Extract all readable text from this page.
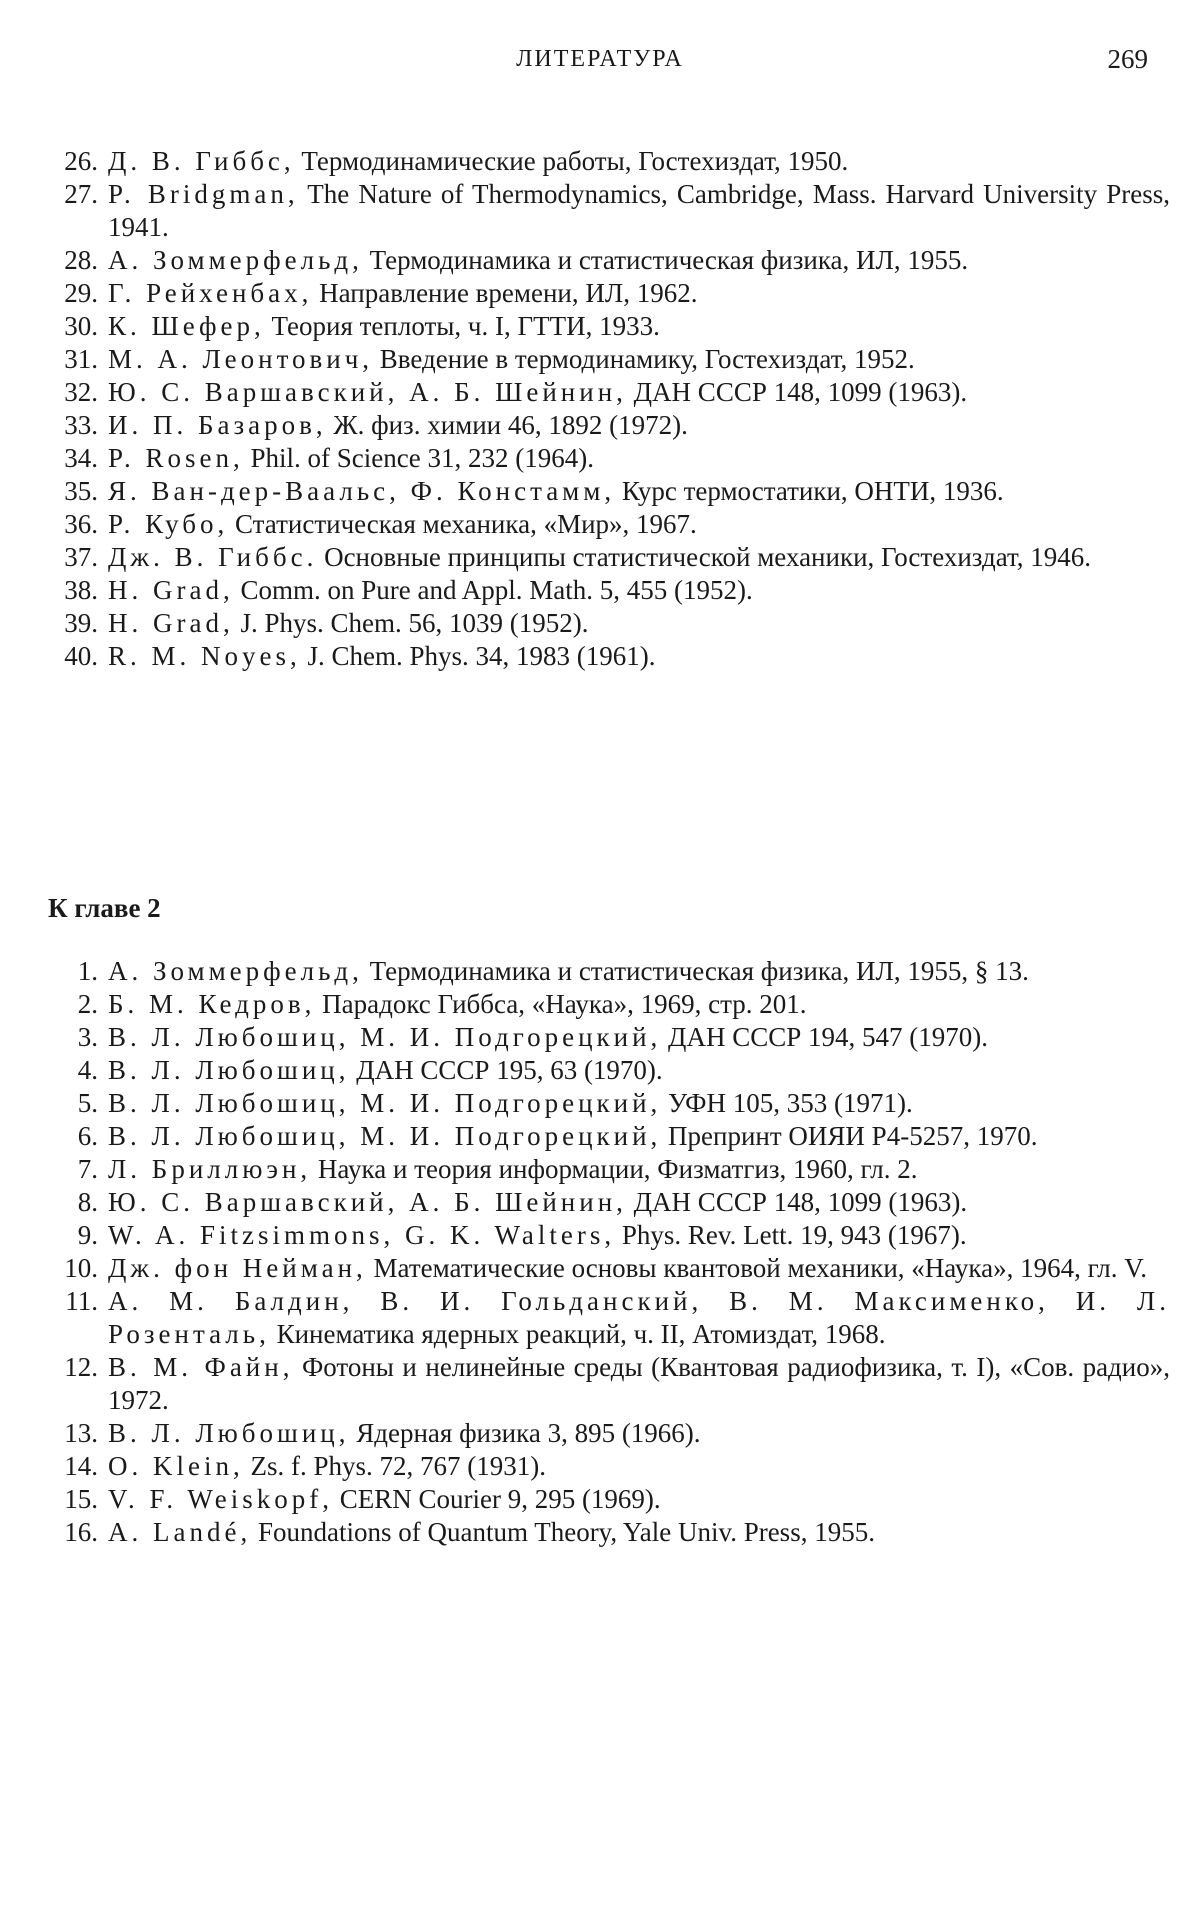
ЛИТЕРАТУРА	269
26. Д. В. Гиббс, Термодинамические работы, Гостехиздат, 1950.
27. P. Bridgman, The Nature of Thermodynamics, Cambridge, Mass. Harvard University Press, 1941.
28. А. Зоммерфельд, Термодинамика и статистическая физика, ИЛ, 1955.
29. Г. Рейхенбах, Направление времени, ИЛ, 1962.
30. К. Шефер, Теория теплоты, ч. I, ГТТИ, 1933.
31. М. А. Леонтович, Введение в термодинамику, Гостехиздат, 1952.
32. Ю. С. Варшавский, А. Б. Шейнин, ДАН СССР 148, 1099 (1963).
33. И. П. Базаров, Ж. физ. химии 46, 1892 (1972).
34. P. Rosen, Phil. of Science 31, 232 (1964).
35. Я. Ван-дер-Ваальс, Ф. Констамм, Курс термостатики, ОНТИ, 1936.
36. Р. Кубо, Статистическая механика, «Мир», 1967.
37. Дж. В. Гиббс. Основные принципы статистической механики, Гостехиздат, 1946.
38. H. Grad, Comm. on Pure and Appl. Math. 5, 455 (1952).
39. H. Grad, J. Phys. Chem. 56, 1039 (1952).
40. R. M. Noyes, J. Chem. Phys. 34, 1983 (1961).
К главе 2
1. А. Зоммерфельд, Термодинамика и статистическая физика, ИЛ, 1955, § 13.
2. Б. М. Кедров, Парадокс Гиббса, «Наука», 1969, стр. 201.
3. В. Л. Любошиц, М. И. Подгорецкий, ДАН СССР 194, 547 (1970).
4. В. Л. Любошиц, ДАН СССР 195, 63 (1970).
5. В. Л. Любошиц, М. И. Подгорецкий, УФН 105, 353 (1971).
6. В. Л. Любошиц, М. И. Подгорецкий, Препринт ОИЯИ Р4-5257, 1970.
7. Л. Бриллюэн, Наука и теория информации, Физматгиз, 1960, гл. 2.
8. Ю. С. Варшавский, А. Б. Шейнин, ДАН СССР 148, 1099 (1963).
9. W. A. Fitzsimmons, G. K. Walters, Phys. Rev. Lett. 19, 943 (1967).
10. Дж. фон Нейман, Математические основы квантовой механики, «Наука», 1964, гл. V.
11. А. М. Балдин, В. И. Гольданский, В. М. Максименко, И. Л. Розенталь, Кинематика ядерных реакций, ч. II, Атомиздат, 1968.
12. В. М. Файн, Фотоны и нелинейные среды (Квантовая радиофизика, т. I), «Сов. радио», 1972.
13. В. Л. Любошиц, Ядерная физика 3, 895 (1966).
14. O. Klein, Zs. f. Phys. 72, 767 (1931).
15. V. F. Weiskopf, CERN Courier 9, 295 (1969).
16. A. Landé, Foundations of Quantum Theory, Yale Univ. Press, 1955.
